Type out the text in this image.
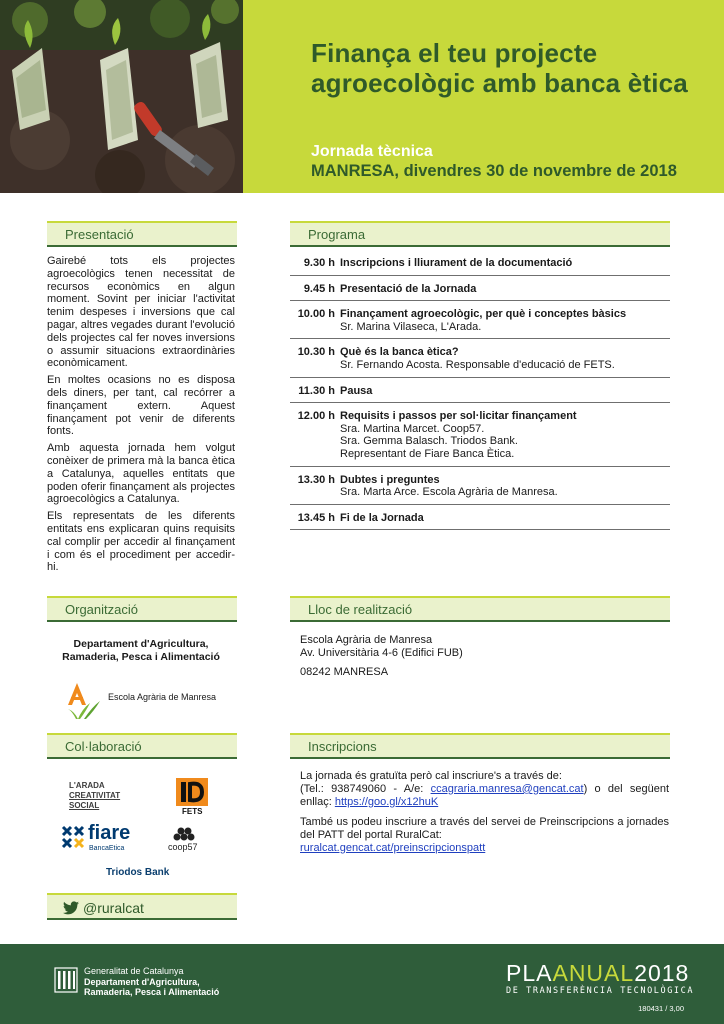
Finança el teu projecte agroecològic amb banca ètica
Jornada tècnica
MANRESA, divendres 30 de novembre de 2018
Presentació

Gairebé tots els projectes agroecològics tenen necessitat de recursos econòmics en algun moment. Sovint per iniciar l'activitat tenim despeses i inversions que cal pagar, altres vegades durant l'evolució dels projectes cal fer noves inversions o assumir situacions extraordinàries econòmicament.

En moltes ocasions no es disposa dels diners, per tant, cal recórrer a finançament extern. Aquest finançament pot venir de diferents fonts.

Amb aquesta jornada hem volgut conèixer de primera mà la banca ètica a Catalunya, aquelles entitats que poden oferir finançament als projectes agroecològics a Catalunya.

Els representats de les diferents entitats ens explicaran quins requisits cal complir per accedir al finançament i com és el procediment per accedir-hi.

Programa
9.30 h Inscripcions i lliurament de la documentació
9.45 h Presentació de la Jornada
10.00 h Finançament agroecològic, per què i conceptes bàsics
Sr. Marina Vilaseca, L'Arada.
10.30 h Què és la banca ètica?
Sr. Fernando Acosta. Responsable d'educació de FETS.
11.30 h Pausa
12.00 h Requisits i passos per sol·licitar finançament
Sra. Martina Marcet. Coop57.
Sra. Gemma Balasch. Triodos Bank.
Representant de Fiare Banca Ètica.
13.30 h Dubtes i preguntes
Sra. Marta Arce. Escola Agrària de Manresa.
13.45 h Fi de la Jornada
Organització
Departament d'Agricultura,
Ramaderia, Pesca i Alimentació
Escola Agrària de Manresa
Lloc de realització
Escola Agrària de Manresa
Av. Universitària 4-6 (Edifici FUB)
08242 MANRESA
Col·laboració
L'ARADA
CREATIVITAT
SOCIAL
FETS
fiare
BancaEtica	coop57
Triodos Bank
@ruralcat
Inscripcions

La jornada és gratuïta però cal inscriure's a través de:
(Tel.: 938749060 - A/e: ccagraria.manresa@gencat.cat) o del següent enllaç: https://goo.gl/x12huK

També us podeu inscriure a través del servei de Preinscripcions a jornades del PATT del portal RuralCat:
ruralcat.gencat.cat/preinscripcionspatt

Generalitat de Catalunya
Departament d'Agricultura,
Ramaderia, Pesca i Alimentació
PLAANUAL2018
DE TRANSFERÈNCIA TECNOLÒGICA
180431 / 3,00
